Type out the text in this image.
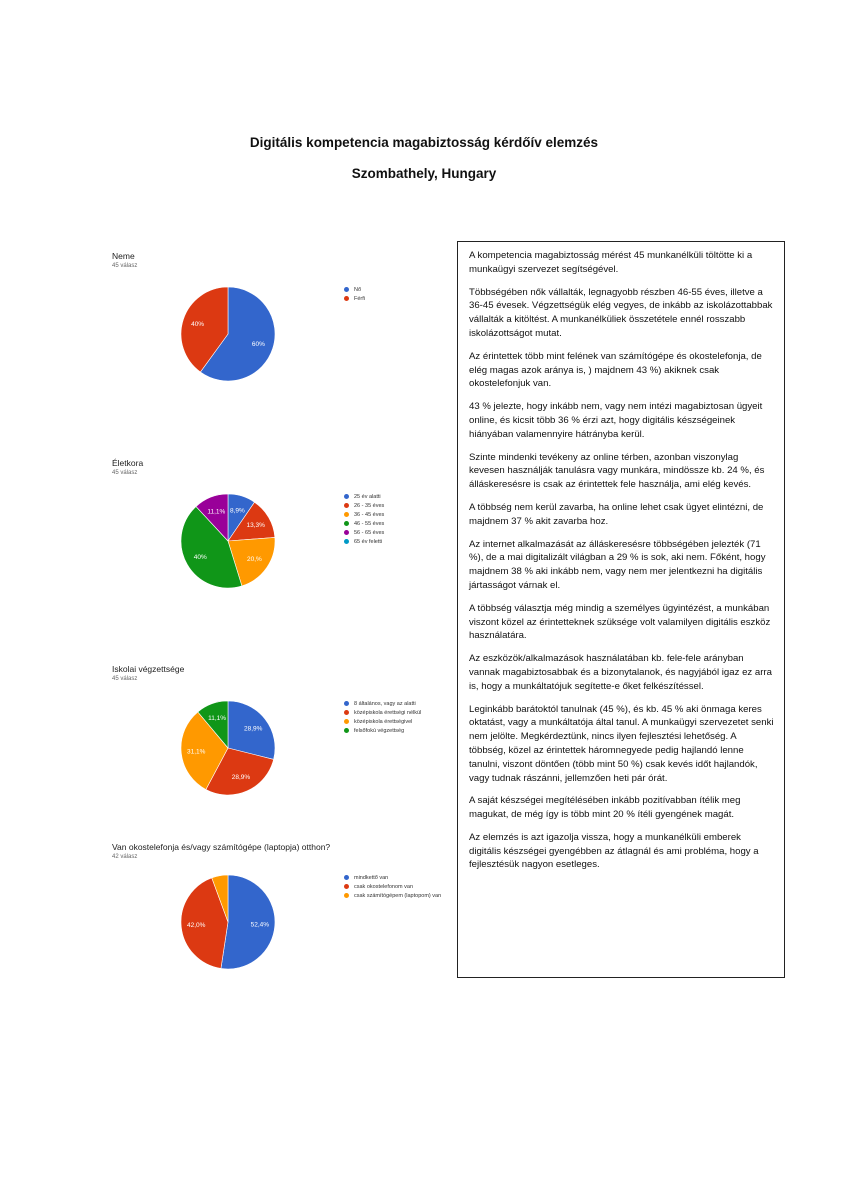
Digitális kompetencia magabiztosság kérdőív elemzés
Szombathely, Hungary
Neme
45 válasz
60%
40%
Nő
Férfi
Életkora
45 válasz
8,9%
13,3%
20,%
40%
11,1%
25 év alatti
26 - 35 éves
36 - 45 éves
46 - 55 éves
56 - 65 éves
65 év feletti
Iskolai végzettsége
45 válasz
28,9%
28,9%
31,1%
11,1%
8 általános, vagy az alatti
középiskola érettségi nélkül
középiskola érettségivel
felsőfokú végzettség
Van okostelefonja és/vagy számítógépe (laptopja) otthon?
42 válasz
52,4%
42,0%
mindkettő van
csak okostelefonom van
csak számítógépem (laptopom) van

A kompetencia magabiztosság mérést 45 munkanélküli töltötte ki a munkaügyi szervezet segítségével.

Többségében nők vállalták, legnagyobb részben 46-55 éves, illetve a 36-45 évesek. Végzettségük elég vegyes, de inkább az iskolázottabbak vállalták a kitöltést. A munkanélküliek összetétele ennél rosszabb iskolázottságot mutat.

Az érintettek több mint felének van számítógépe és okostelefonja, de elég magas azok aránya is, ) majdnem 43 %) akiknek csak okostelefonjuk van.

43 % jelezte, hogy inkább nem, vagy nem intézi magabiztosan ügyeit online, és kicsit több 36 % érzi azt, hogy digitális készségeinek hiányában valamennyire hátrányba kerül.

Szinte mindenki tevékeny az online térben, azonban viszonylag kevesen használják tanulásra vagy munkára, mindössze kb. 24 %, és álláskeresésre is csak az érintettek fele használja, ami elég kevés.

A többség nem kerül zavarba, ha online lehet csak ügyet elintézni, de majdnem 37 % akit zavarba hoz.

Az internet alkalmazását az álláskeresésre többségében jelezték (71 %), de a mai digitalizált világban a 29 % is sok, aki nem. Főként, hogy majdnem 38 % aki inkább nem, vagy nem mer jelentkezni ha digitális jártasságot várnak el.

A többség választja még mindig a személyes ügyintézést, a munkában viszont közel az érintetteknek szüksége volt valamilyen digitális eszköz használatára.

Az eszközök/alkalmazások használatában kb. fele-fele arányban vannak magabiztosabbak és a bizonytalanok, és nagyjából igaz ez arra is, hogy a munkáltatójuk segítette-e őket felkészítéssel.

Leginkább barátoktól tanulnak (45 %), és kb. 45 % aki önmaga keres oktatást, vagy a munkáltatója által tanul. A munkaügyi szervezetet senki nem jelölte. Megkérdeztünk, nincs ilyen fejlesztési lehetőség. A többség, közel az érintettek háromnegyede pedig hajlandó lenne tanulni, viszont döntően (több mint 50 %) csak kevés időt hajlandók, vagy tudnak rászánni, jellemzően heti pár órát.

A saját készségei megítélésében inkább pozitívabban ítélik meg magukat, de még így is több mint 20 % ítéli gyengének magát.

Az elemzés is azt igazolja vissza, hogy a munkanélküli emberek digitális készségei gyengébben az átlagnál és ami probléma, hogy a fejlesztésük nagyon esetleges.
